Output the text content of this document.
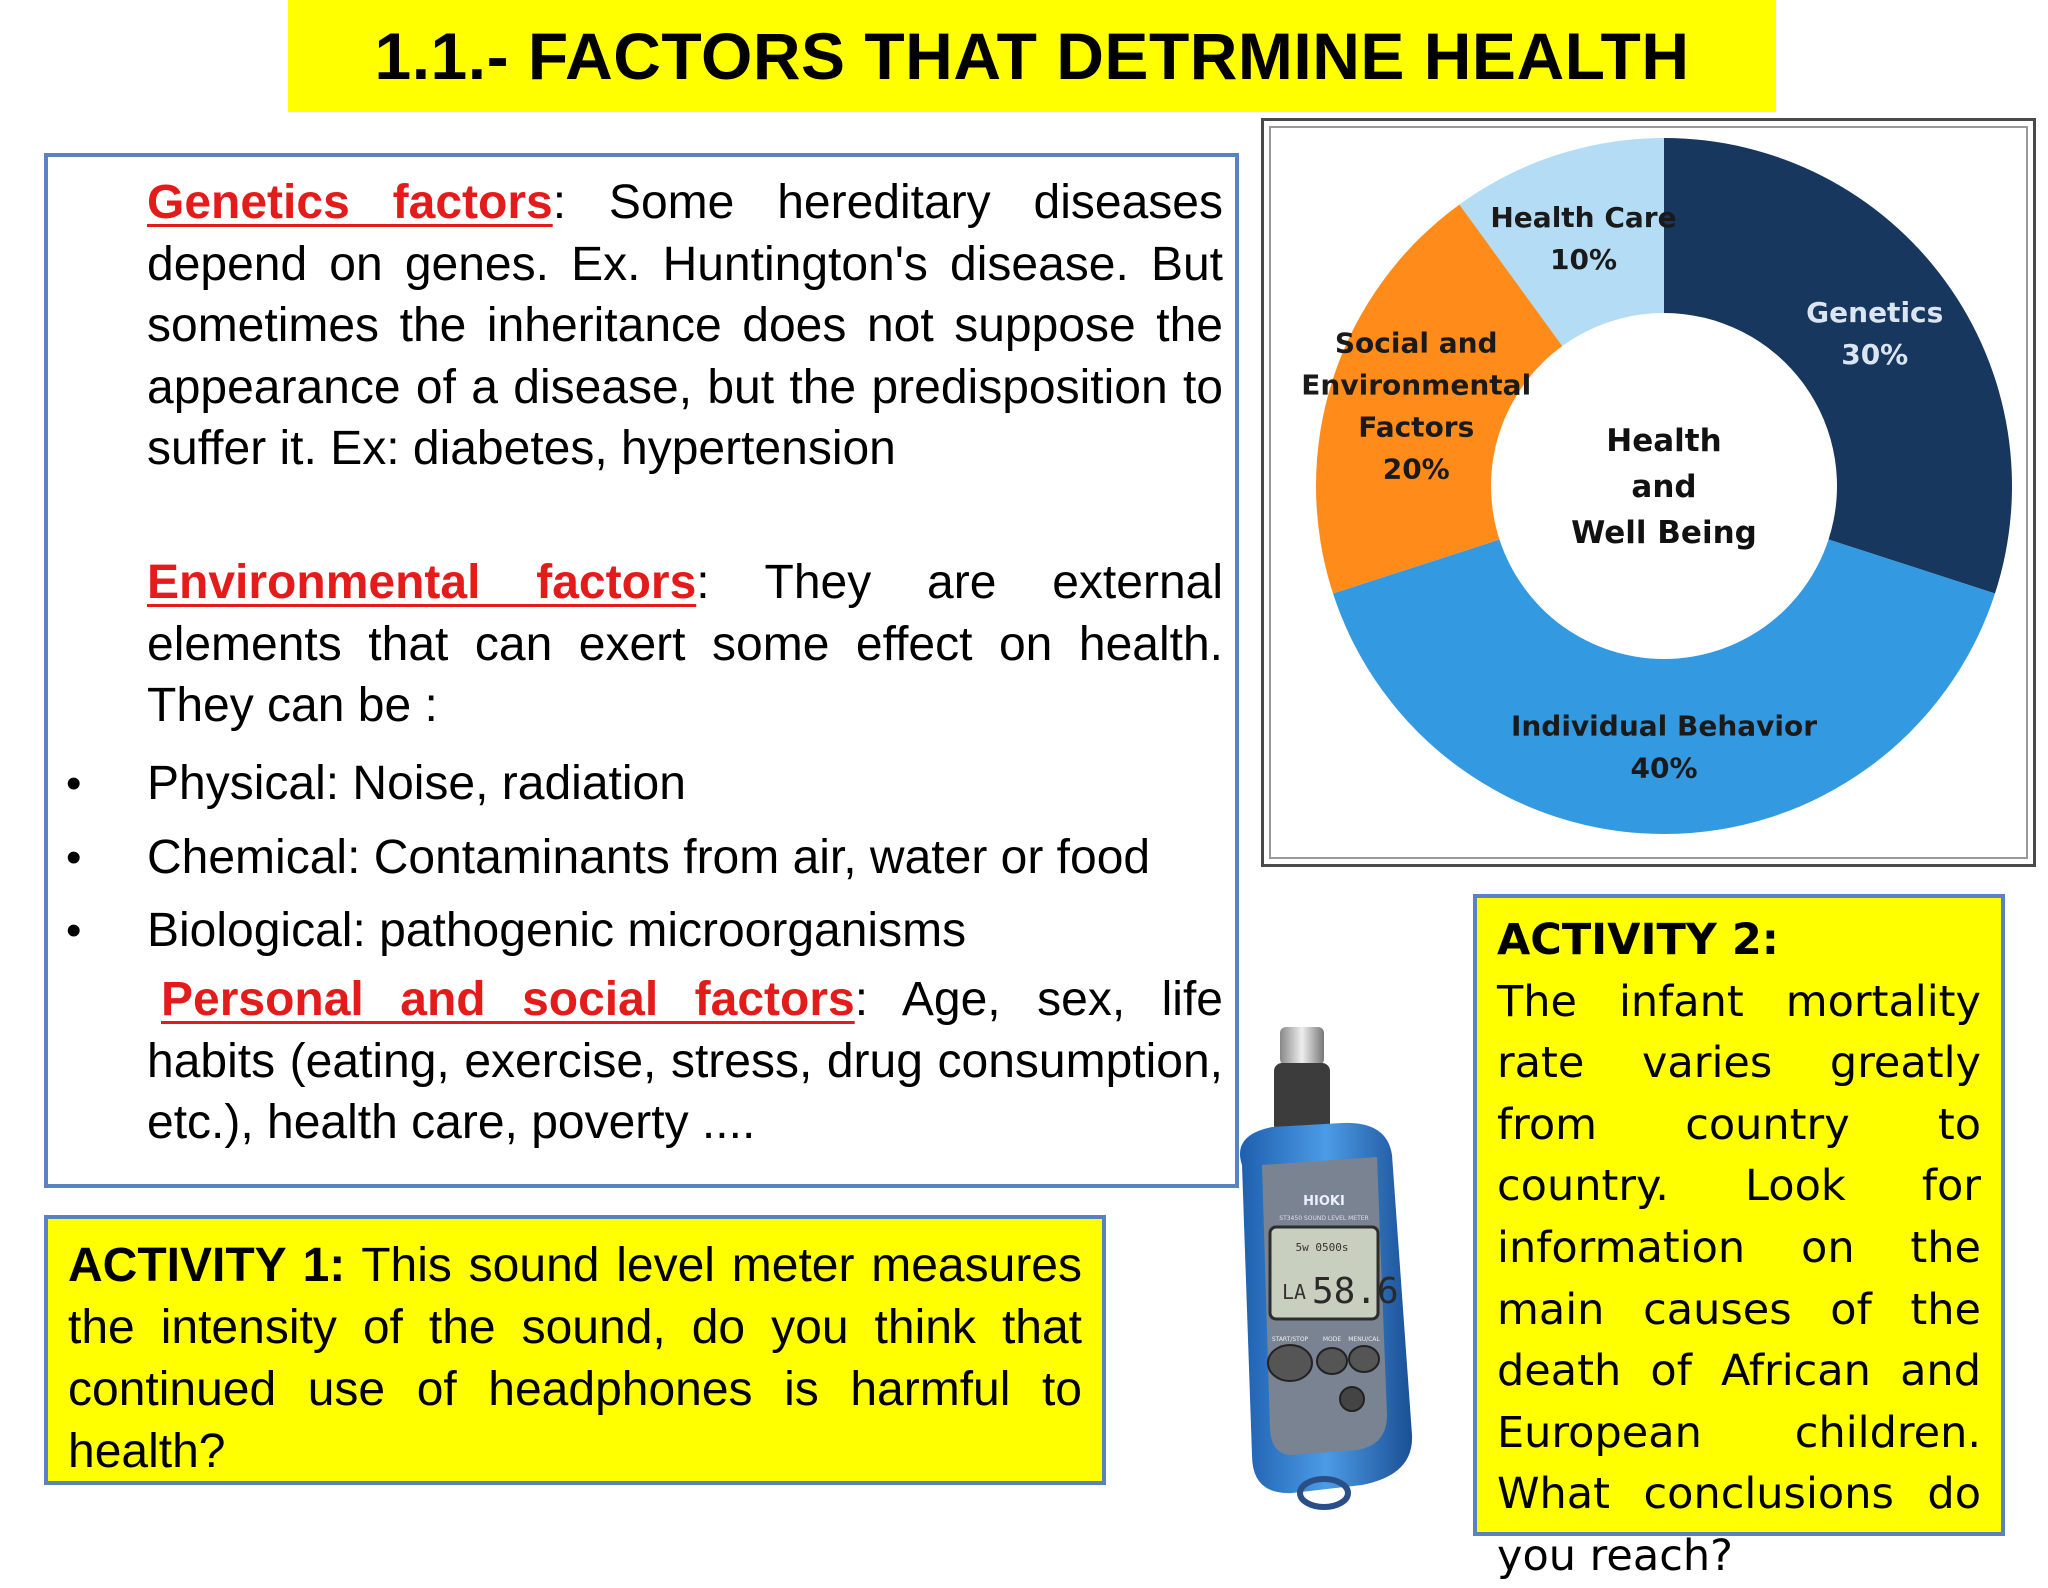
1.1.- FACTORS THAT DETRMINE HEALTH
Genetics factors: Some hereditary diseases depend on genes. Ex. Huntington's disease. But sometimes the inheritance does not suppose the appearance of a disease, but the predisposition to suffer it. Ex: diabetes, hypertension
Environmental factors: They are external elements that can exert some effect on health. They can be :
• Physical: Noise, radiation
• Chemical: Contaminants from air, water or food
• Biological: pathogenic microorganisms
Personal and social factors: Age, sex, life habits (eating, exercise, stress, drug consumption, etc.), health care, poverty ....
Genetics
30%
Individual Behavior
40%
Social and
Environmental
Factors
20%
Health Care
10%
Health
and
Well Being
ACTIVITY 1: This sound level meter measures the intensity of the sound, do you think that continued use of headphones is harmful to health?
ACTIVITY 2:
The infant mortality rate varies greatly from country to country. Look for information on the main causes of the death of African and European children. What conclusions do you reach?
HIOKI
ST3450 SOUND LEVEL METER
5w 0500s
LA 58.6
START/STOP MODE MENU/CAL
